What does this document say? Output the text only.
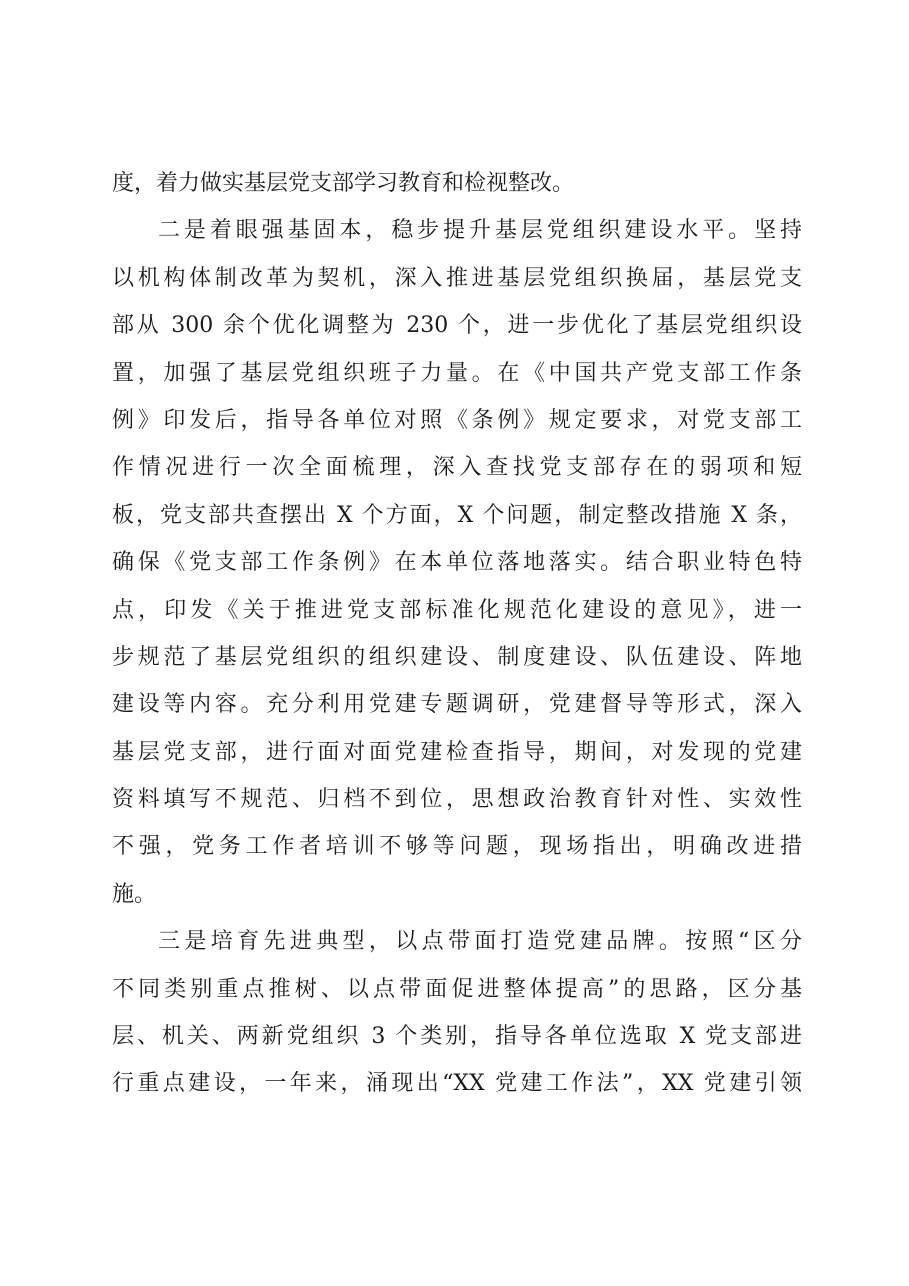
度，着力做实基层党支部学习教育和检视整改。
二是着眼强基固本，稳步提升基层党组织建设水平。坚持
以机构体制改革为契机，深入推进基层党组织换届，基层党支
部从 300 余个优化调整为 230 个，进一步优化了基层党组织设
置，加强了基层党组织班子力量。在《中国共产党支部工作条
例》印发后，指导各单位对照《条例》规定要求，对党支部工
作情况进行一次全面梳理，深入查找党支部存在的弱项和短
板，党支部共查摆出 X 个方面，X 个问题，制定整改措施 X 条，
确保《党支部工作条例》在本单位落地落实。结合职业特色特
点，印发《关于推进党支部标准化规范化建设的意见》，进一
步规范了基层党组织的组织建设、制度建设、队伍建设、阵地
建设等内容。充分利用党建专题调研，党建督导等形式，深入
基层党支部，进行面对面党建检查指导，期间，对发现的党建
资料填写不规范、归档不到位，思想政治教育针对性、实效性
不强，党务工作者培训不够等问题，现场指出，明确改进措
施。
三是培育先进典型，以点带面打造党建品牌。按照“区分
不同类别重点推树、以点带面促进整体提高”的思路，区分基
层、机关、两新党组织 3 个类别，指导各单位选取 X 党支部进
行重点建设，一年来，涌现出“XX 党建工作法”，XX 党建引领
